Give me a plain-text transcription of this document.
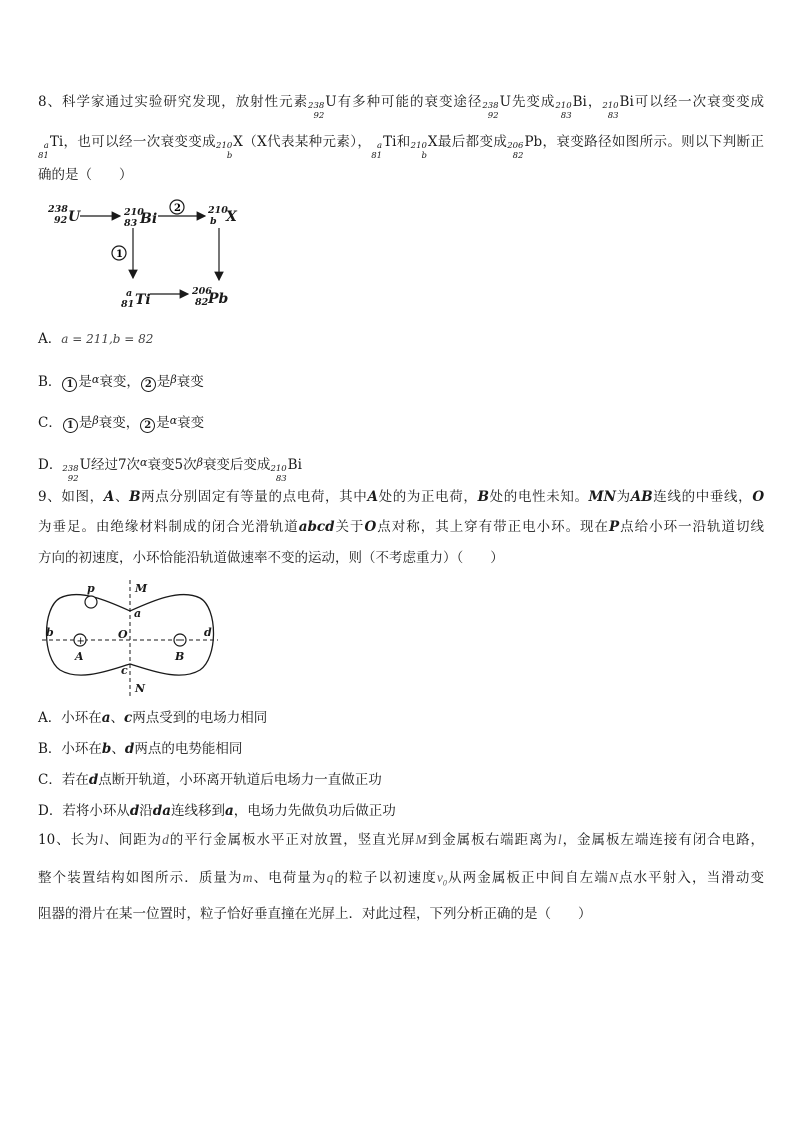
8、科学家通过实验研究发现，放射性元素 238
92
U有多种可能的衰变途径 238
92
U先变成 210
83
Bi， 210
83
Bi可以经一次衰变变成
a
81
Ti，也可以经一次衰变变成 210
b
X（X代表某种元素）， a
81
Ti和 210
b
X最后都变成 206
82
Pb，衰变路径如图所示。则以下判断正
确的是（　　）
238
92 U	210
83 Bi
210
b X
a
81 Ti
206
82 Pb
2
1
A．a = 211,b = 82
B． 1 是$^\alpha$衰变， 2 是$^\beta$衰变
C． 1 是$^\beta$衰变， 2 是$^\alpha$衰变
D． 238
92
U经过7次$^\alpha$衰变5次$^\beta$衰变后变成 210
83
Bi
9、如图，A、B两点分别固定有等量的点电荷，其中A处的为正电荷，B处的电性未知。MN为AB连线的中垂线，O
为垂足。由绝缘材料制成的闭合光滑轨道abcd关于O点对称，其上穿有带正电小环。现在P点给小环一沿轨道切线
方向的初速度，小环恰能沿轨道做速率不变的运动，则（不考虑重力）（　　）
+
p	M
a
b	O	d
A	B
c
N
A．小环在a、c两点受到的电场力相同
B．小环在b、d两点的电势能相同
C．若在d点断开轨道，小环离开轨道后电场力一直做正功
D．若将小环从d沿da连线移到a，电场力先做负功后做正功
10、长为l、间距为d的平行金属板水平正对放置，竖直光屏M到金属板右端距离为l，金属板左端连接有闭合电路，
整个装置结构如图所示．质量为m、电荷量为q的粒子以初速度$v_0$从两金属板正中间自左端N点水平射入，当滑动变
阻器的滑片在某一位置时，粒子恰好垂直撞在光屏上．对此过程，下列分析正确的是（　　）
